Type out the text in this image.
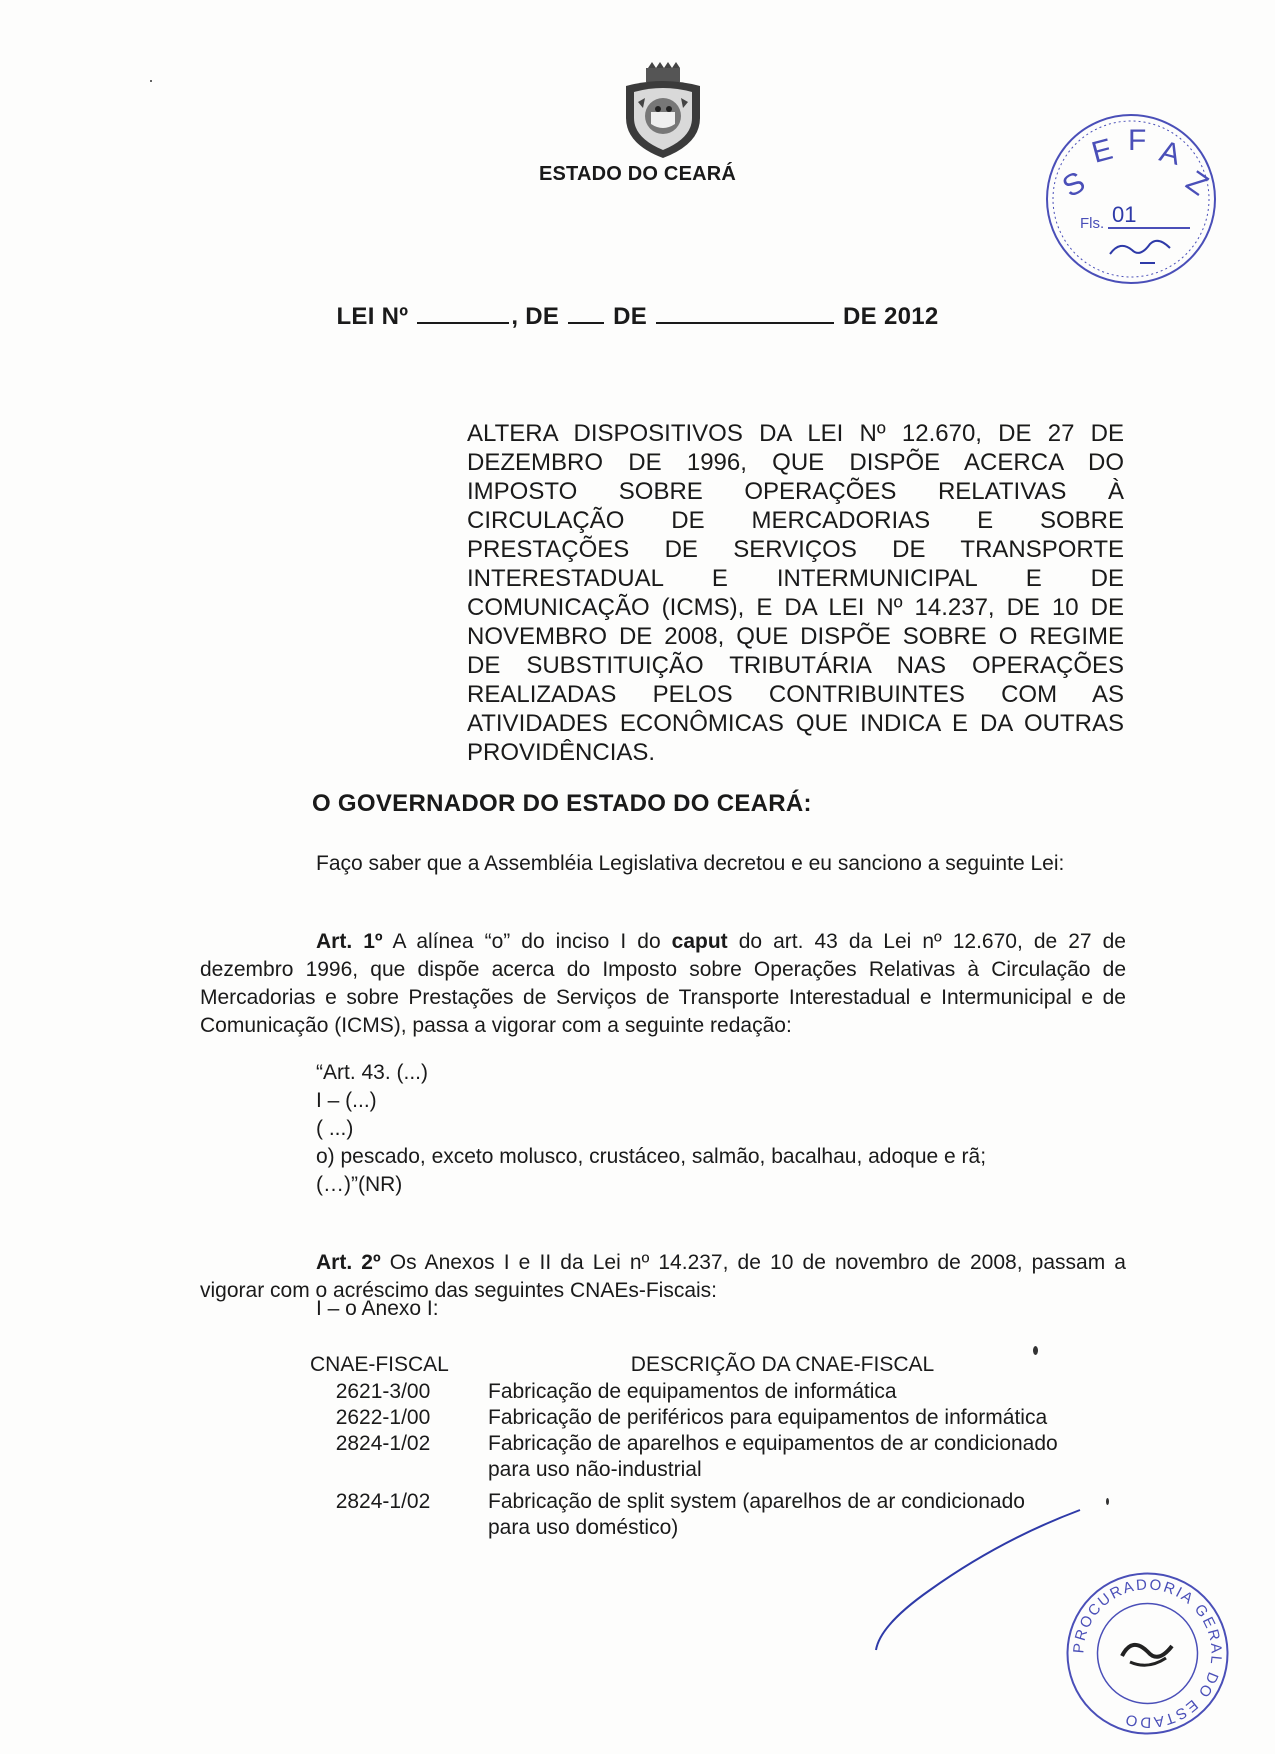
ESTADO DO CEARÁ	S
E F A
Z
Fls. 01
LEI Nº	, DE DE	DE 2012
ALTERA DISPOSITIVOS DA LEI Nº 12.670, DE 27 DE DEZEMBRO DE 1996, QUE DISPÕE ACERCA DO IMPOSTO SOBRE OPERAÇÕES RELATIVAS À CIRCULAÇÃO DE MERCADORIAS E SOBRE PRESTAÇÕES DE SERVIÇOS DE TRANSPORTE INTERESTADUAL E INTERMUNICIPAL E DE COMUNICAÇÃO (ICMS), E DA LEI Nº 14.237, DE 10 DE NOVEMBRO DE 2008, QUE DISPÕE SOBRE O REGIME DE SUBSTITUIÇÃO TRIBUTÁRIA NAS OPERAÇÕES REALIZADAS PELOS CONTRIBUINTES COM AS ATIVIDADES ECONÔMICAS QUE INDICA E DA OUTRAS PROVIDÊNCIAS.
O GOVERNADOR DO ESTADO DO CEARÁ:
Faço saber que a Assembléia Legislativa decretou e eu sanciono a seguinte Lei:
Art. 1º A alínea “o” do inciso I do caput do art. 43 da Lei nº 12.670, de 27 de dezembro 1996, que dispõe acerca do Imposto sobre Operações Relativas à Circulação de Mercadorias e sobre Prestações de Serviços de Transporte Interestadual e Intermunicipal e de Comunicação (ICMS), passa a vigorar com a seguinte redação:
“Art. 43. (...)
I – (...)
( ...)
o) pescado, exceto molusco, crustáceo, salmão, bacalhau, adoque e rã;
(…)”(NR)
Art. 2º Os Anexos I e II da Lei nº 14.237, de 10 de novembro de 2008, passam a vigorar com o acréscimo das seguintes CNAEs-Fiscais:
I – o Anexo I:
CNAE-FISCAL	DESCRIÇÃO DA CNAE-FISCAL
2621-3/00	Fabricação de equipamentos de informática
2622-1/00	Fabricação de periféricos para equipamentos de informática
2824-1/02	Fabricação de aparelhos e equipamentos de ar condicionado
para uso não-industrial
2824-1/02	Fabricação de split system (aparelhos de ar condicionado
para uso doméstico)
PROCURADORIA GERAL DO ESTADO
